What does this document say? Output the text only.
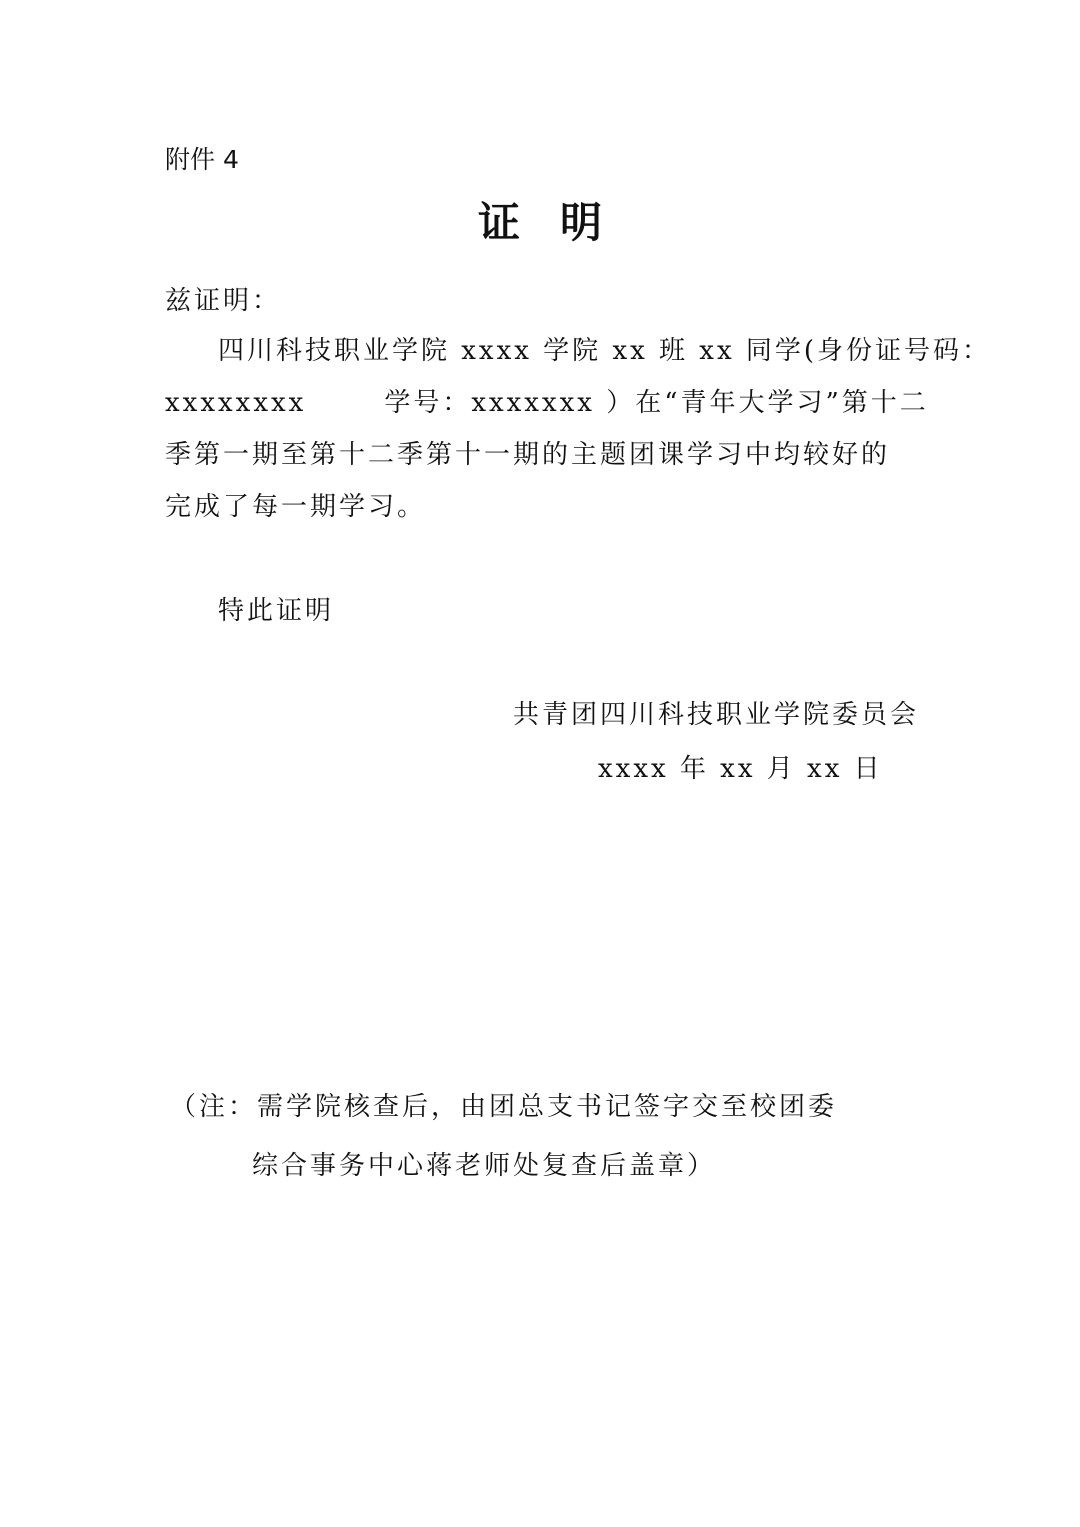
附件 4
证明
兹证明：
四川科技职业学院 xxxx 学院 xx 班 xx 同学(身份证号码：
xxxxxxxx	学号：xxxxxxx ）在“青年大学习”第十二
季第一期至第十二季第十一期的主题团课学习中均较好的
完成了每一期学习。
特此证明
共青团四川科技职业学院委员会
xxxx 年 xx 月 xx 日
（注：需学院核查后，由团总支书记签字交至校团委
综合事务中心蒋老师处复查后盖章）
